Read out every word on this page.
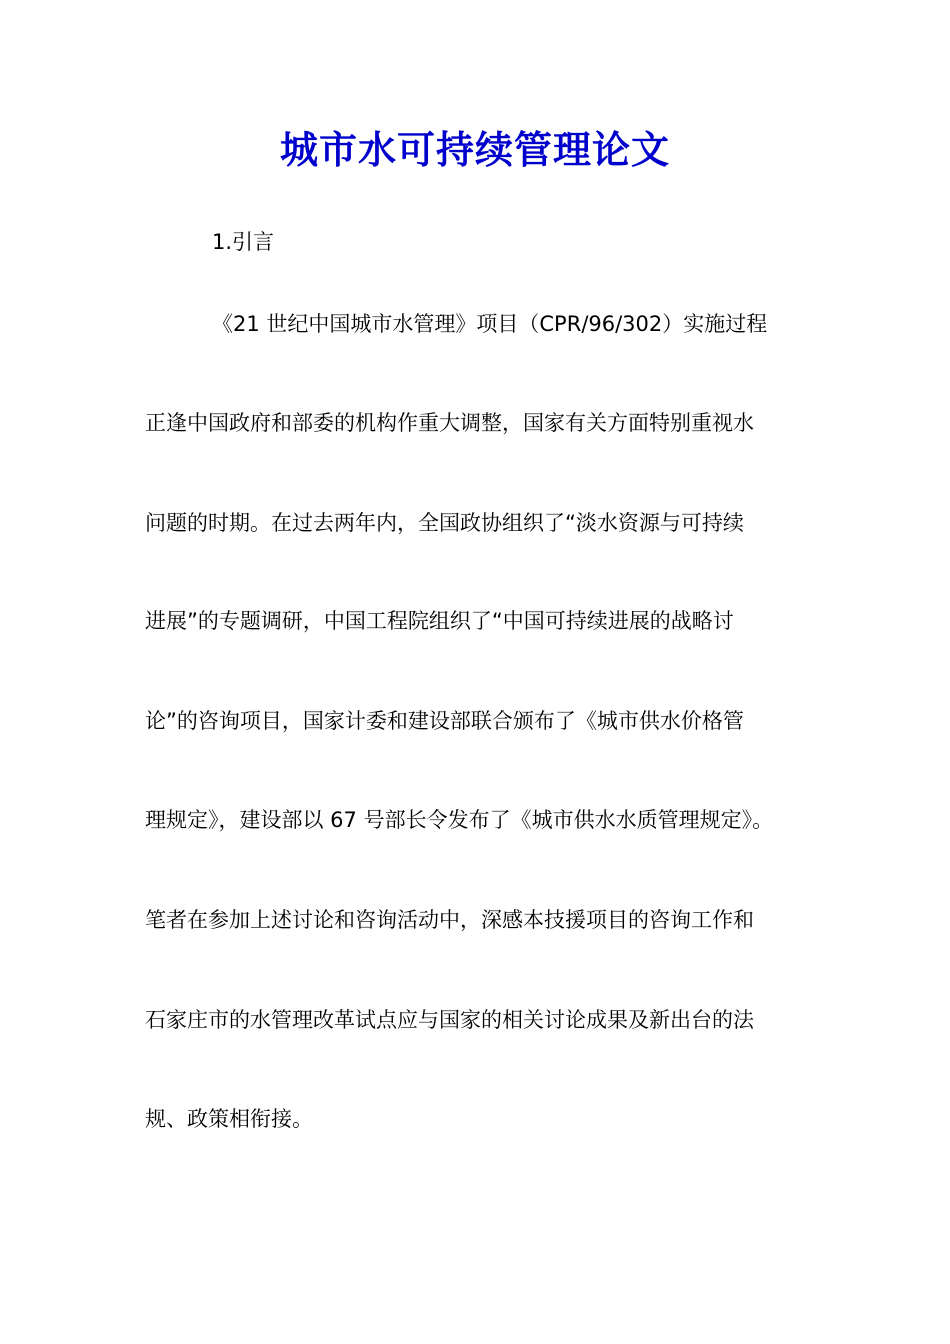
城市水可持续管理论文
1.引言
《21 世纪中国城市水管理》项目（CPR/96/302）实施过程
正逢中国政府和部委的机构作重大调整，国家有关方面特别重视水
问题的时期。在过去两年内，全国政协组织了“淡水资源与可持续
进展”的专题调研，中国工程院组织了“中国可持续进展的战略讨
论”的咨询项目，国家计委和建设部联合颁布了《城市供水价格管
理规定》，建设部以 67 号部长令发布了《城市供水水质管理规定》。
笔者在参加上述讨论和咨询活动中，深感本技援项目的咨询工作和
石家庄市的水管理改革试点应与国家的相关讨论成果及新出台的法
规、政策相衔接。
